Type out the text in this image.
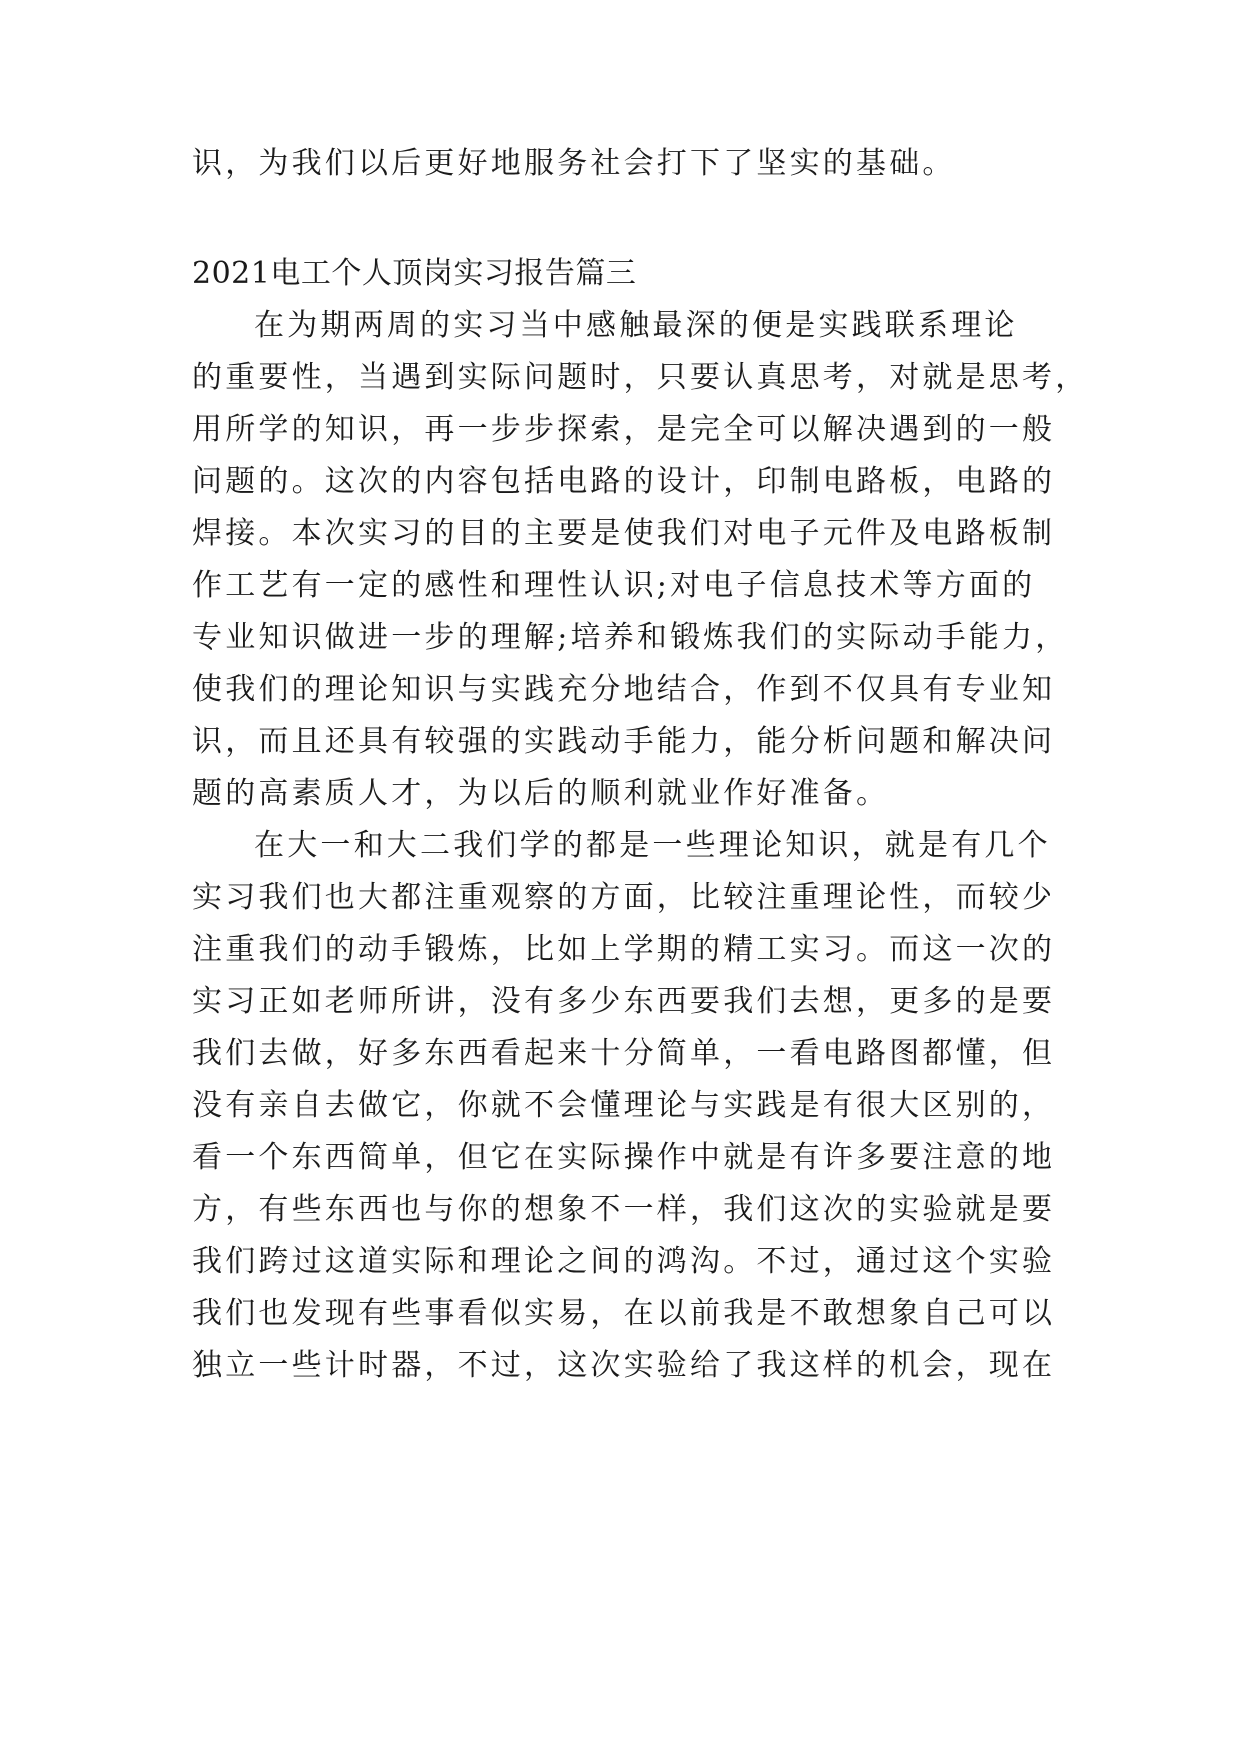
识，为我们以后更好地服务社会打下了坚实的基础。

2021电工个人顶岗实习报告篇三

在为期两周的实习当中感触最深的便是实践联系理论

的重要性，当遇到实际问题时，只要认真思考，对就是思考，

用所学的知识，再一步步探索，是完全可以解决遇到的一般

问题的。这次的内容包括电路的设计，印制电路板，电路的

焊接。本次实习的目的主要是使我们对电子元件及电路板制

作工艺有一定的感性和理性认识;对电子信息技术等方面的

专业知识做进一步的理解;培养和锻炼我们的实际动手能力，

使我们的理论知识与实践充分地结合，作到不仅具有专业知

识，而且还具有较强的实践动手能力，能分析问题和解决问

题的高素质人才，为以后的顺利就业作好准备。

在大一和大二我们学的都是一些理论知识，就是有几个

实习我们也大都注重观察的方面，比较注重理论性，而较少

注重我们的动手锻炼，比如上学期的精工实习。而这一次的

实习正如老师所讲，没有多少东西要我们去想，更多的是要

我们去做，好多东西看起来十分简单，一看电路图都懂，但

没有亲自去做它，你就不会懂理论与实践是有很大区别的，

看一个东西简单，但它在实际操作中就是有许多要注意的地

方，有些东西也与你的想象不一样，我们这次的实验就是要

我们跨过这道实际和理论之间的鸿沟。不过，通过这个实验

我们也发现有些事看似实易，在以前我是不敢想象自己可以

独立一些计时器，不过，这次实验给了我这样的机会，现在
